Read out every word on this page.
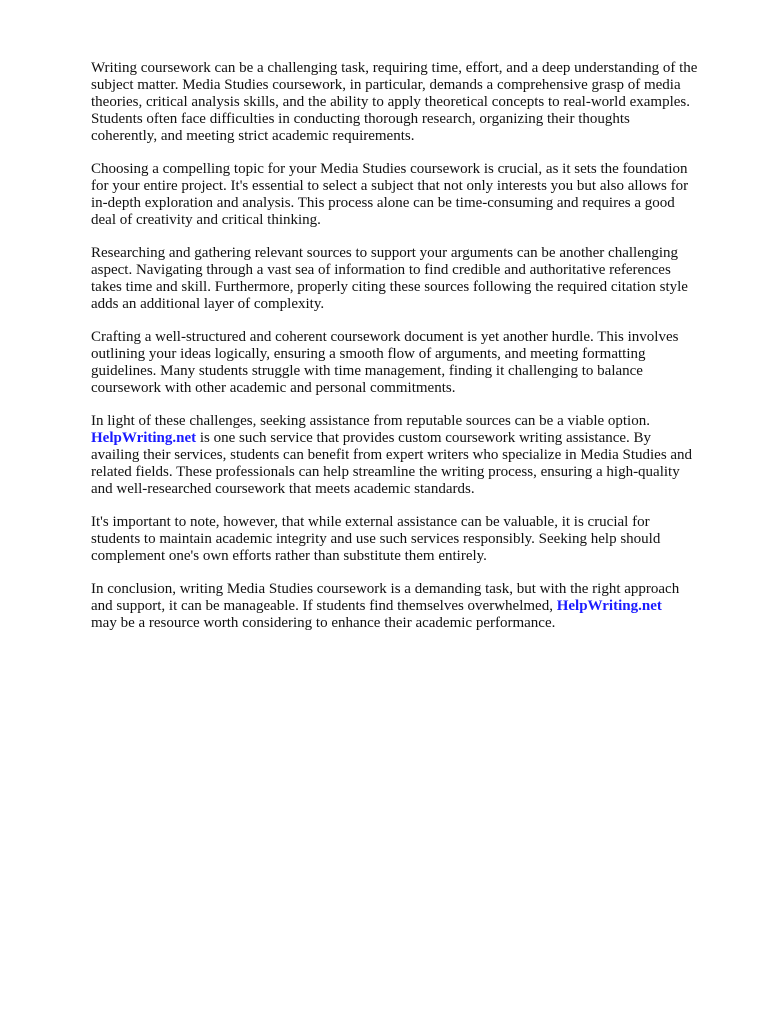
Writing coursework can be a challenging task, requiring time, effort, and a deep understanding of the
subject matter. Media Studies coursework, in particular, demands a comprehensive grasp of media
theories, critical analysis skills, and the ability to apply theoretical concepts to real-world examples.
Students often face difficulties in conducting thorough research, organizing their thoughts
coherently, and meeting strict academic requirements.

Choosing a compelling topic for your Media Studies coursework is crucial, as it sets the foundation
for your entire project. It's essential to select a subject that not only interests you but also allows for
in-depth exploration and analysis. This process alone can be time-consuming and requires a good
deal of creativity and critical thinking.

Researching and gathering relevant sources to support your arguments can be another challenging
aspect. Navigating through a vast sea of information to find credible and authoritative references
takes time and skill. Furthermore, properly citing these sources following the required citation style
adds an additional layer of complexity.

Crafting a well-structured and coherent coursework document is yet another hurdle. This involves
outlining your ideas logically, ensuring a smooth flow of arguments, and meeting formatting
guidelines. Many students struggle with time management, finding it challenging to balance
coursework with other academic and personal commitments.

In light of these challenges, seeking assistance from reputable sources can be a viable option.
HelpWriting.net is one such service that provides custom coursework writing assistance. By
availing their services, students can benefit from expert writers who specialize in Media Studies and
related fields. These professionals can help streamline the writing process, ensuring a high-quality
and well-researched coursework that meets academic standards.

It's important to note, however, that while external assistance can be valuable, it is crucial for
students to maintain academic integrity and use such services responsibly. Seeking help should
complement one's own efforts rather than substitute them entirely.

In conclusion, writing Media Studies coursework is a demanding task, but with the right approach
and support, it can be manageable. If students find themselves overwhelmed, HelpWriting.net
may be a resource worth considering to enhance their academic performance.
